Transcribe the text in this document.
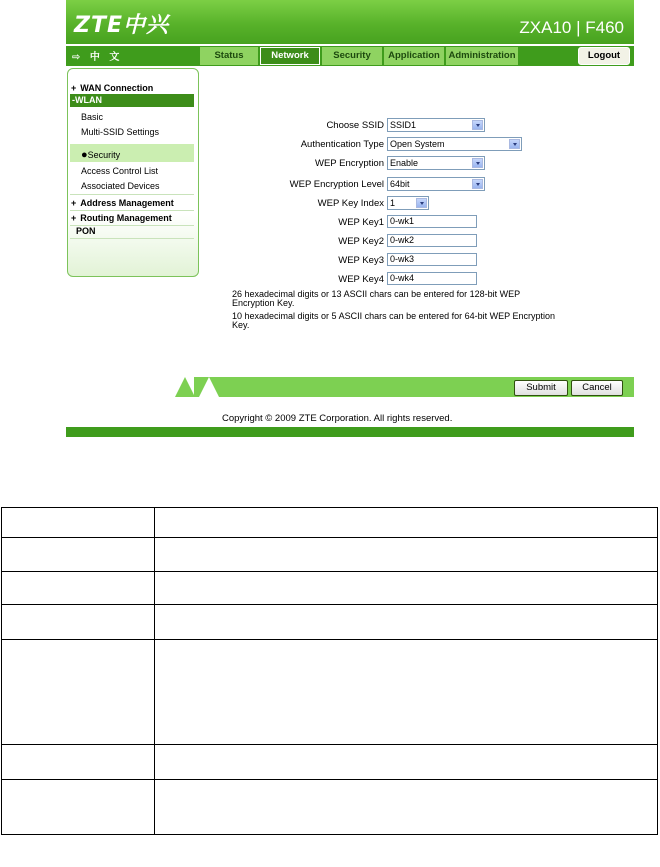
ZTE中兴	ZXA10 | F460
⇨ 中 文	Status	Network	Security	Application Administration	Logout
+ WAN Connection
-WLAN
Basic
Multi-SSID Settings
●Security
Access Control List
Associated Devices
+ Address Management
+ Routing Management
PON
Choose SSID SSID1
Authentication Type Open System
WEP Encryption Enable
WEP Encryption Level 64bit
WEP Key Index 1
WEP Key1 0-wk1
WEP Key2 0-wk2
WEP Key3 0-wk3
WEP Key4 0-wk4
26 hexadecimal digits or 13 ASCII chars can be entered for 128-bit WEP
Encryption Key.
10 hexadecimal digits or 5 ASCII chars can be entered for 64-bit WEP Encryption
Key.
Submit	Cancel
Copyright © 2009 ZTE Corporation. All rights reserved.
